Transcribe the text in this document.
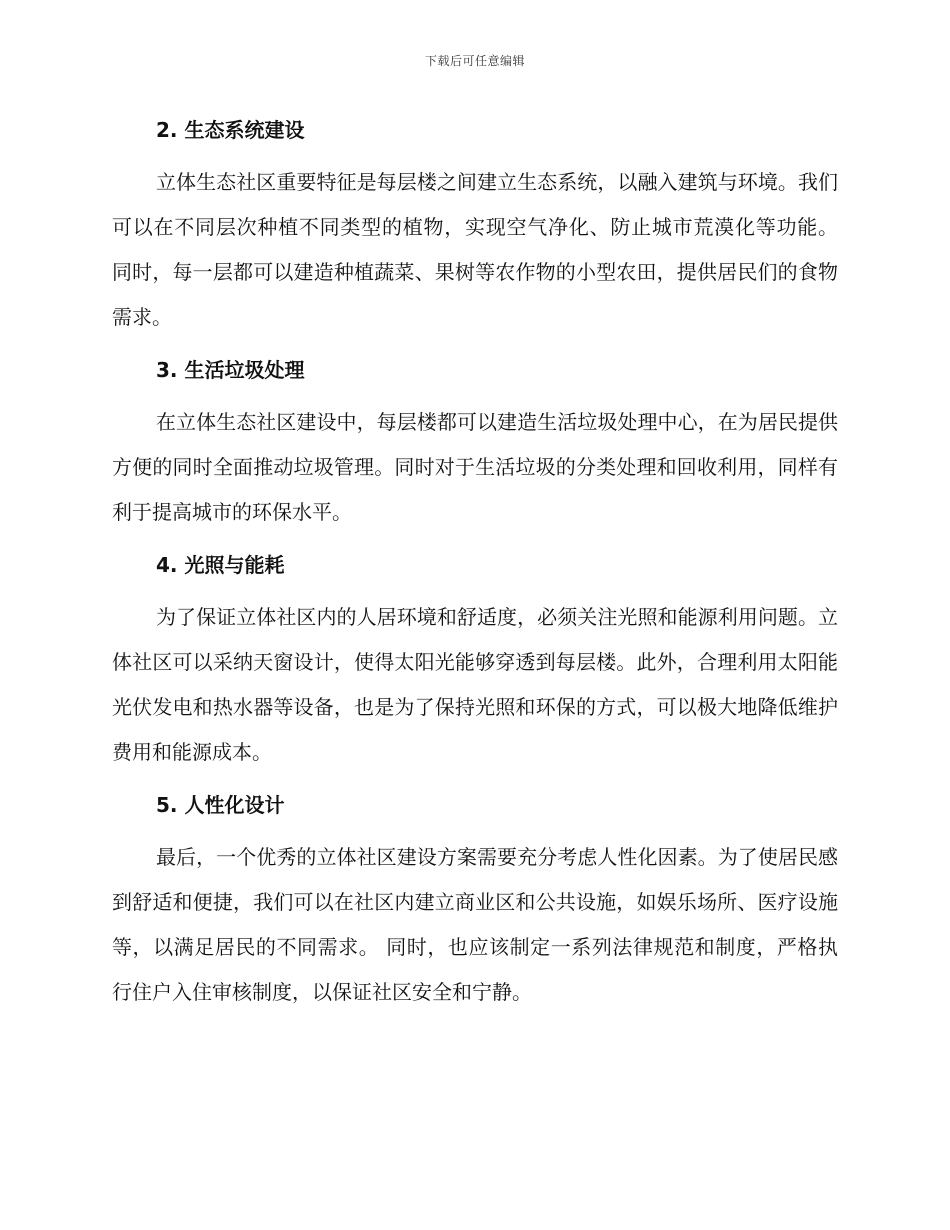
下载后可任意编辑
2. 生态系统建设

立体生态社区重要特征是每层楼之间建立生态系统，以融入建筑与环境。我们可以在不同层次种植不同类型的植物，实现空气净化、防止城市荒漠化等功能。 同时，每一层都可以建造种植蔬菜、果树等农作物的小型农田，提供居民们的食物需求。

3. 生活垃圾处理

在立体生态社区建设中，每层楼都可以建造生活垃圾处理中心，在为居民提供方便的同时全面推动垃圾管理。同时对于生活垃圾的分类处理和回收利用，同样有利于提高城市的环保水平。

4. 光照与能耗

为了保证立体社区内的人居环境和舒适度，必须关注光照和能源利用问题。立体社区可以采纳天窗设计，使得太阳光能够穿透到每层楼。此外，合理利用太阳能光伏发电和热水器等设备，也是为了保持光照和环保的方式，可以极大地降低维护费用和能源成本。

5. 人性化设计

最后，一个优秀的立体社区建设方案需要充分考虑人性化因素。为了使居民感到舒适和便捷，我们可以在社区内建立商业区和公共设施，如娱乐场所、医疗设施等，以满足居民的不同需求。 同时，也应该制定一系列法律规范和制度，严格执行住户入住审核制度，以保证社区安全和宁静。
